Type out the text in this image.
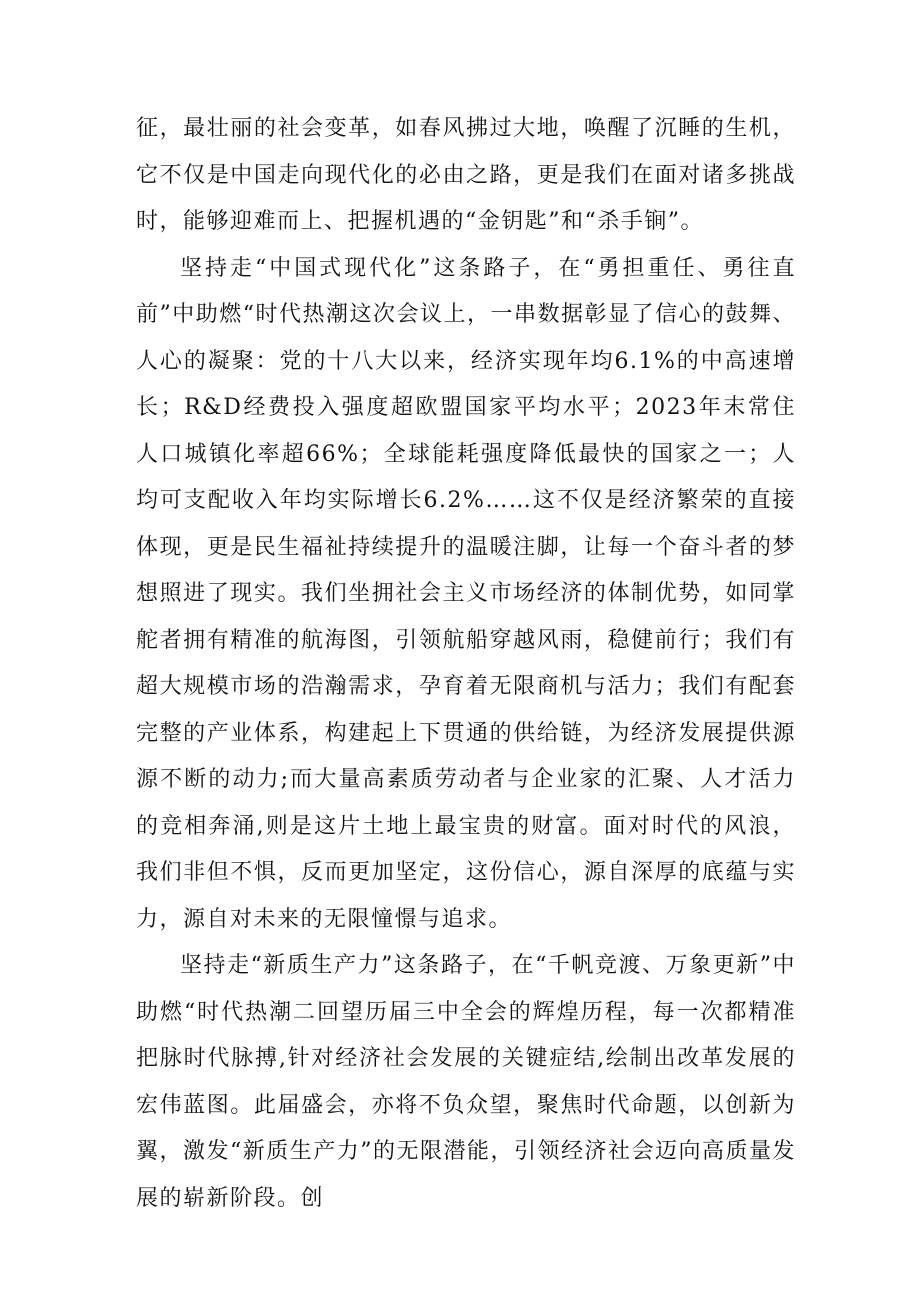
征，最壮丽的社会变革，如春风拂过大地，唤醒了沉睡的生机，它不仅是中国走向现代化的必由之路，更是我们在面对诸多挑战时，能够迎难而上、把握机遇的“金钥匙”和“杀手锏”。

坚持走“中国式现代化”这条路子，在“勇担重任、勇往直前”中助燃“时代热潮这次会议上，一串数据彰显了信心的鼓舞、人心的凝聚：党的十八大以来，经济实现年均6.1%的中高速增长；R&D经费投入强度超欧盟国家平均水平；2023年末常住人口城镇化率超66%；全球能耗强度降低最快的国家之一；人均可支配收入年均实际增长6.2%……这不仅是经济繁荣的直接体现，更是民生福祉持续提升的温暖注脚，让每一个奋斗者的梦想照进了现实。我们坐拥社会主义市场经济的体制优势，如同掌舵者拥有精准的航海图，引领航船穿越风雨，稳健前行；我们有超大规模市场的浩瀚需求，孕育着无限商机与活力；我们有配套完整的产业体系，构建起上下贯通的供给链，为经济发展提供源源不断的动力;而大量高素质劳动者与企业家的汇聚、人才活力的竞相奔涌,则是这片土地上最宝贵的财富。面对时代的风浪，我们非但不惧，反而更加坚定，这份信心，源自深厚的底蕴与实力，源自对未来的无限憧憬与追求。

坚持走“新质生产力”这条路子，在“千帆竞渡、万象更新”中助燃“时代热潮二回望历届三中全会的辉煌历程，每一次都精准把脉时代脉搏,针对经济社会发展的关键症结,绘制出改革发展的宏伟蓝图。此届盛会，亦将不负众望，聚焦时代命题，以创新为翼，激发“新质生产力”的无限潜能，引领经济社会迈向高质量发展的崭新阶段。创
